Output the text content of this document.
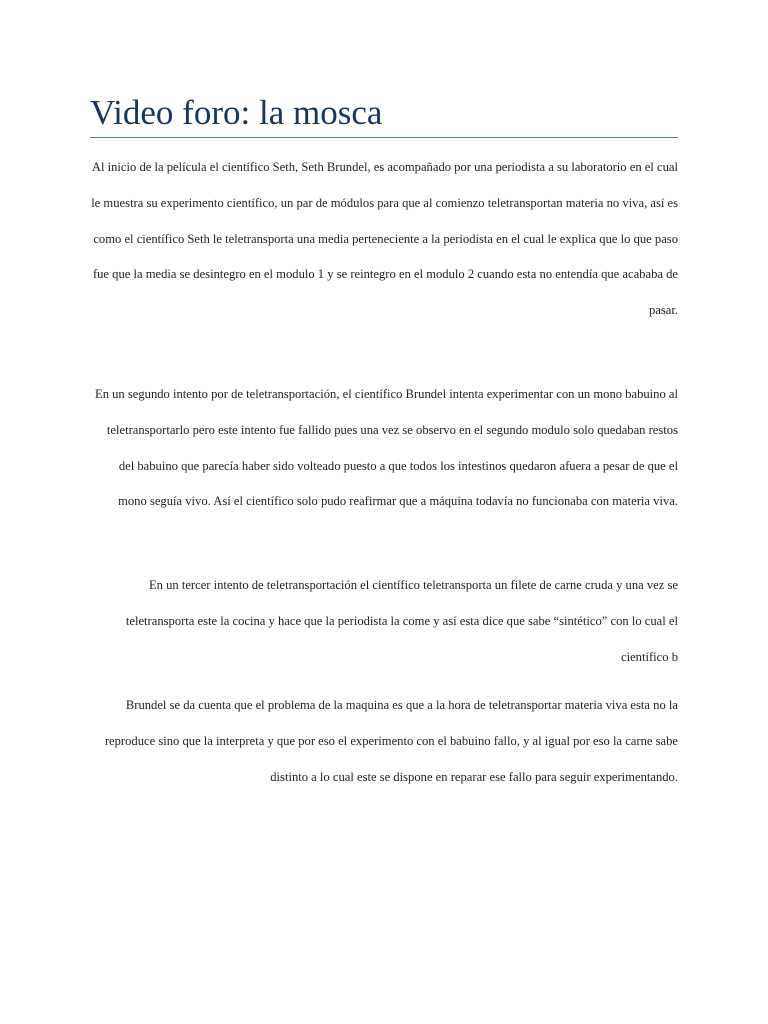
Video foro: la mosca

Al inicio de la película el científico Seth, Seth Brundel, es acompañado por una periodista a su laboratorio en el cual le muestra su experimento científico, un par de módulos para que al comienzo teletransportan materia no viva, así es como el científico Seth le teletransporta una media perteneciente a la periodista en el cual le explica que lo que paso fue que la media se desintegro en el modulo 1 y se reintegro en el modulo 2 cuando esta no entendía que acababa de pasar.

En un segundo intento por de teletransportación, el científico Brundel intenta experimentar con un mono babuino al teletransportarlo pero este intento fue fallido pues una vez se observo en el segundo modulo solo quedaban restos del babuino que parecía haber sido volteado puesto a que todos los intestinos quedaron afuera a pesar de que el mono seguía vivo. Así el científico solo pudo reafirmar que a máquina todavía no funcionaba con materia viva.

En un tercer intento de teletransportación el científico teletransporta un filete de carne cruda y una vez se teletransporta este la cocina y hace que la periodista la come y así esta dice que sabe “sintético” con lo cual el científico b

Brundel se da cuenta que el problema de la maquina es que a la hora de teletransportar materia viva esta no la reproduce sino que la interpreta y que por eso el experimento con el babuino fallo, y al igual por eso la carne sabe distinto a lo cual este se dispone en reparar ese fallo para seguir experimentando.
